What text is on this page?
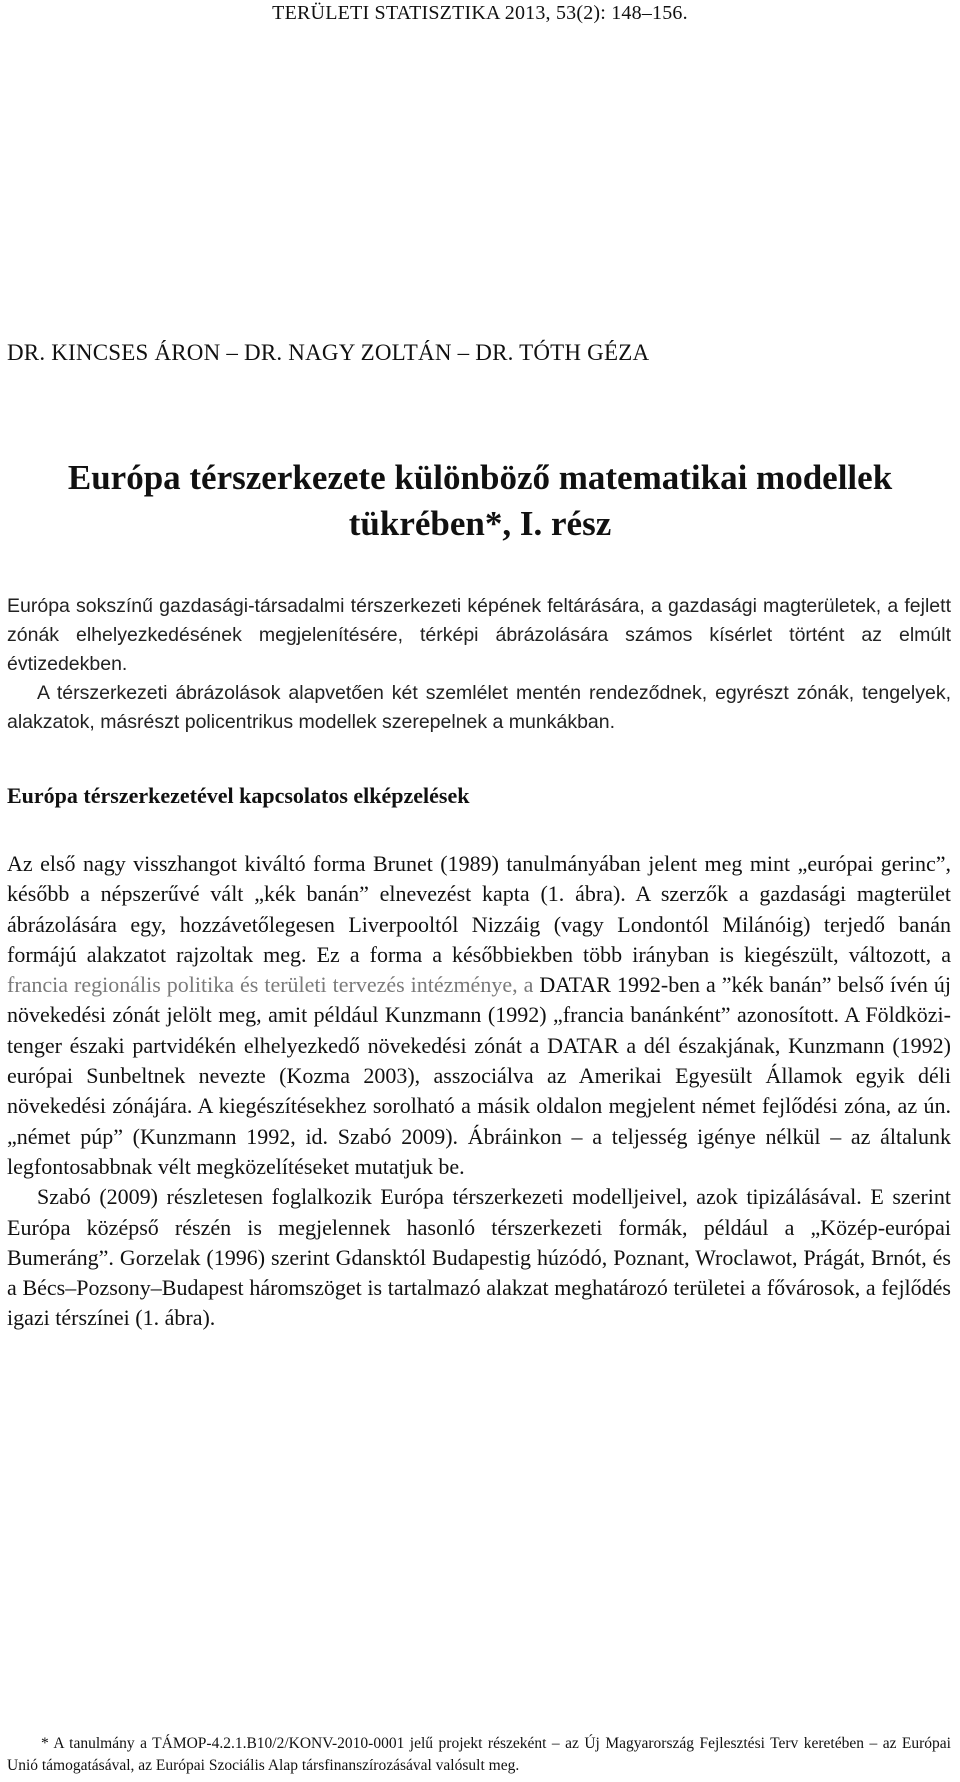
TERÜLETI STATISZTIKA 2013, 53(2): 148–156.
DR. KINCSES ÁRON – DR. NAGY ZOLTÁN – DR. TÓTH GÉZA
Európa térszerkezete különböző matematikai modellek
tükrében*, I. rész

Európa sokszínű gazdasági-társadalmi térszerkezeti képének feltárására, a gazdasági magterületek, a fejlett zónák elhelyezkedésének megjelenítésére, térképi ábrázolására számos kísérlet történt az elmúlt évtizedekben.

A térszerkezeti ábrázolások alapvetően két szemlélet mentén rendeződnek, egyrészt zónák, tengelyek, alakzatok, másrészt policentrikus modellek szerepelnek a munkákban.

Európa térszerkezetével kapcsolatos elképzelések

Az első nagy visszhangot kiváltó forma Brunet (1989) tanulmányában jelent meg mint „európai gerinc”, később a népszerűvé vált „kék banán” elnevezést kapta (1. ábra). A szerzők a gazdasági magterület ábrázolására egy, hozzávetőlegesen Liverpooltól Nizzáig (vagy Londontól Milánóig) terjedő banán formájú alakzatot rajzoltak meg. Ez a forma a későbbiekben több irányban is kiegészült, változott, a francia regionális politika és területi tervezés intézménye, a DATAR 1992-ben a ”kék banán” belső ívén új növekedési zónát jelölt meg, amit például Kunzmann (1992) „francia banánként” azonosított. A Földközi-tenger északi partvidékén elhelyezkedő növekedési zónát a DATAR a dél északjának, Kunzmann (1992) európai Sunbeltnek nevezte (Kozma 2003), asszociálva az Amerikai Egyesült Államok egyik déli növekedési zónájára. A kiegészítésekhez sorolható a másik oldalon megjelent német fejlődési zóna, az ún. „német púp” (Kunzmann 1992, id. Szabó 2009). Ábráinkon – a teljesség igénye nélkül – az általunk legfontosabbnak vélt megközelítéseket mutatjuk be.

Szabó (2009) részletesen foglalkozik Európa térszerkezeti modelljeivel, azok tipizálásával. E szerint Európa középső részén is megjelennek hasonló térszerkezeti formák, például a „Közép-európai Bumeráng”. Gorzelak (1996) szerint Gdansktól Budapestig húzódó, Poznant, Wroclawot, Prágát, Brnót, és a Bécs–Pozsony–Budapest háromszöget is tartalmazó alakzat meghatározó területei a fővárosok, a fejlődés igazi térszínei (1. ábra).

* A tanulmány a TÁMOP-4.2.1.B10/2/KONV-2010-0001 jelű projekt részeként – az Új Magyarország Fejlesztési Terv keretében – az Európai Unió támogatásával, az Európai Szociális Alap társfinanszírozásával valósult meg.
